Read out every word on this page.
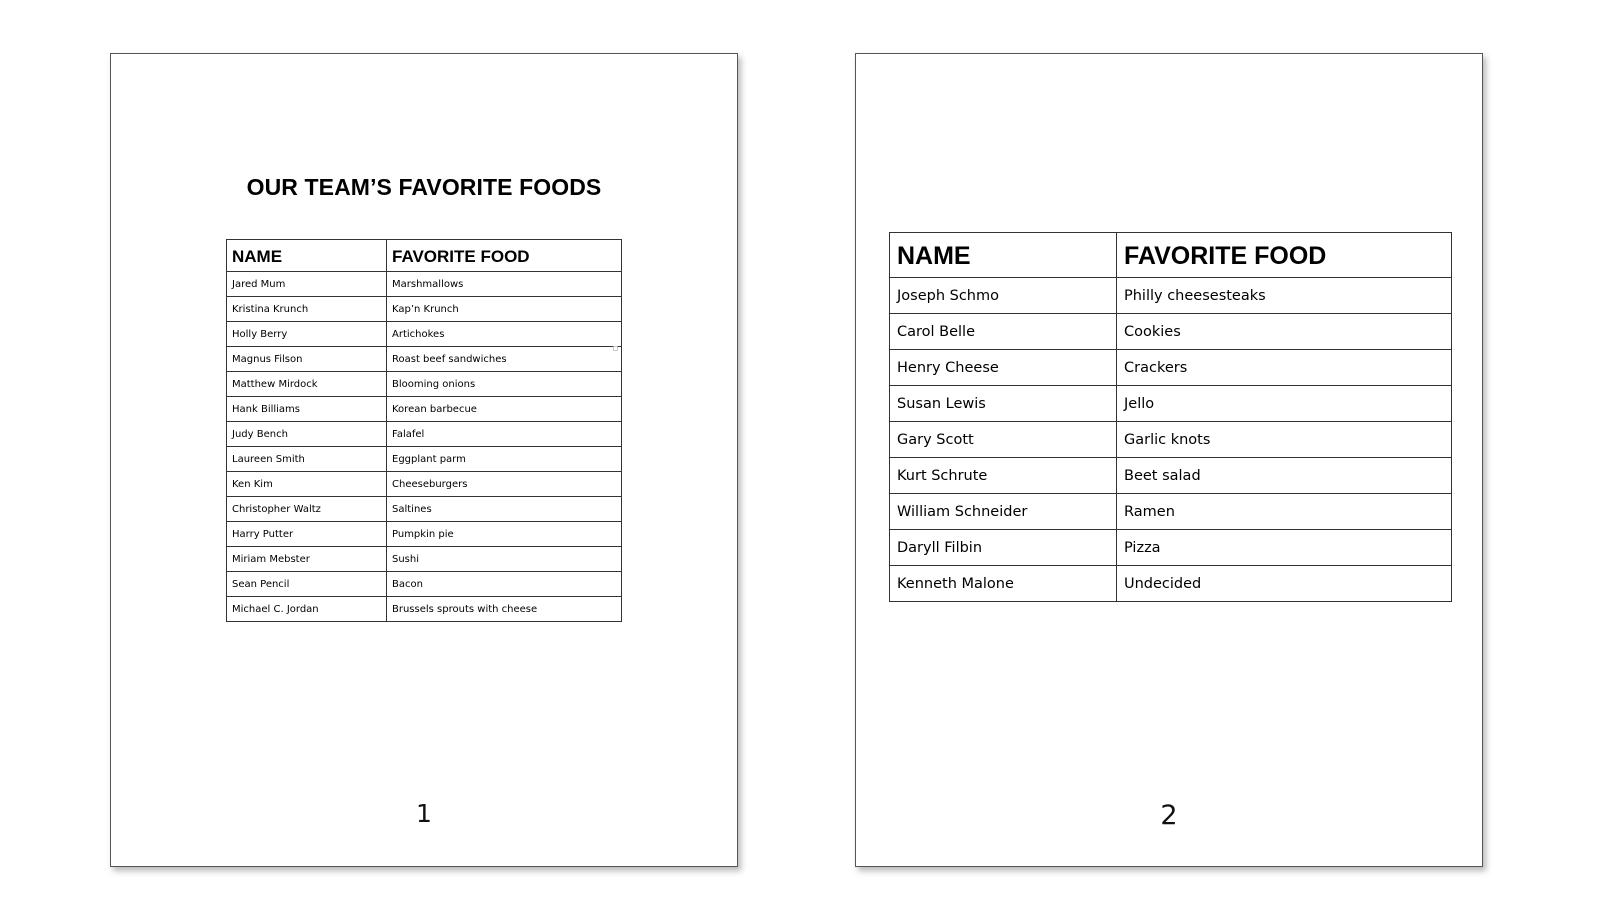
OUR TEAM’S FAVORITE FOODS
NAME	FAVORITE FOOD
Jared Mum	Marshmallows
Kristina Krunch	Kap’n Krunch
Holly Berry	Artichokes
Magnus Filson	Roast beef sandwiches
Matthew Mirdock	Blooming onions
Hank Billiams	Korean barbecue
Judy Bench	Falafel
Laureen Smith	Eggplant parm
Ken Kim	Cheeseburgers
Christopher Waltz	Saltines
Harry Putter	Pumpkin pie
Miriam Mebster	Sushi
Sean Pencil	Bacon
Michael C. Jordan	Brussels sprouts with cheese
1
NAME	FAVORITE FOOD
Joseph Schmo	Philly cheesesteaks
Carol Belle	Cookies
Henry Cheese	Crackers
Susan Lewis	Jello
Gary Scott	Garlic knots
Kurt Schrute	Beet salad
William Schneider	Ramen
Daryll Filbin	Pizza
Kenneth Malone	Undecided
2
